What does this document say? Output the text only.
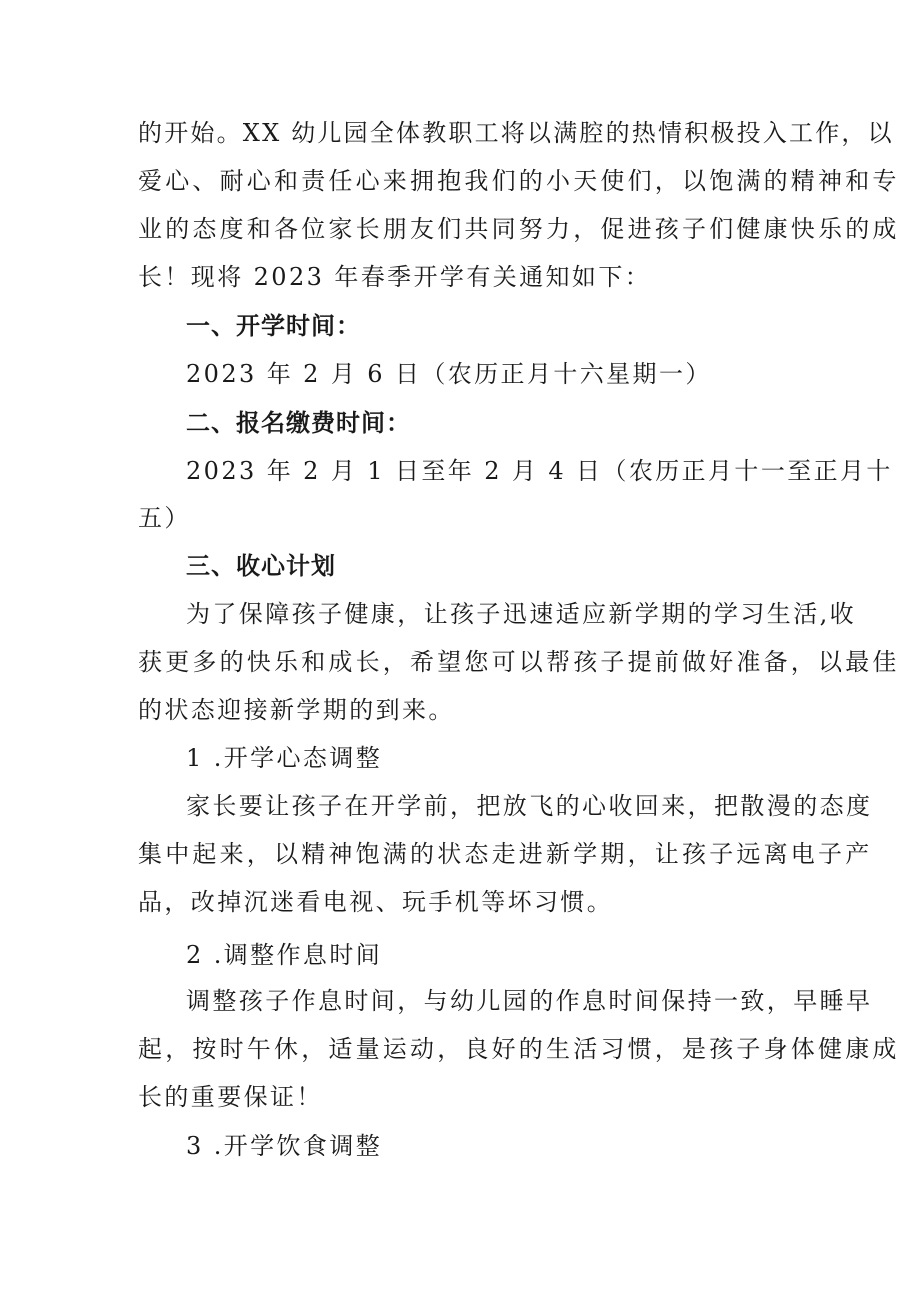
的开始。XX 幼儿园全体教职工将以满腔的热情积极投入工作，以
爱心、耐心和责任心来拥抱我们的小天使们，以饱满的精神和专
业的态度和各位家长朋友们共同努力，促进孩子们健康快乐的成
长！现将 2023 年春季开学有关通知如下：
一、开学时间：
2023 年 2 月 6 日（农历正月十六星期一）
二、报名缴费时间：
2023 年 2 月 1 日至年 2 月 4 日（农历正月十一至正月十
五）
三、收心计划
为了保障孩子健康，让孩子迅速适应新学期的学习生活,收
获更多的快乐和成长，希望您可以帮孩子提前做好准备，以最佳
的状态迎接新学期的到来。
1 .开学心态调整
家长要让孩子在开学前，把放飞的心收回来，把散漫的态度
集中起来，以精神饱满的状态走进新学期，让孩子远离电子产
品，改掉沉迷看电视、玩手机等坏习惯。
2 .调整作息时间
调整孩子作息时间，与幼儿园的作息时间保持一致，早睡早
起，按时午休，适量运动，良好的生活习惯，是孩子身体健康成
长的重要保证！
3 .开学饮食调整
